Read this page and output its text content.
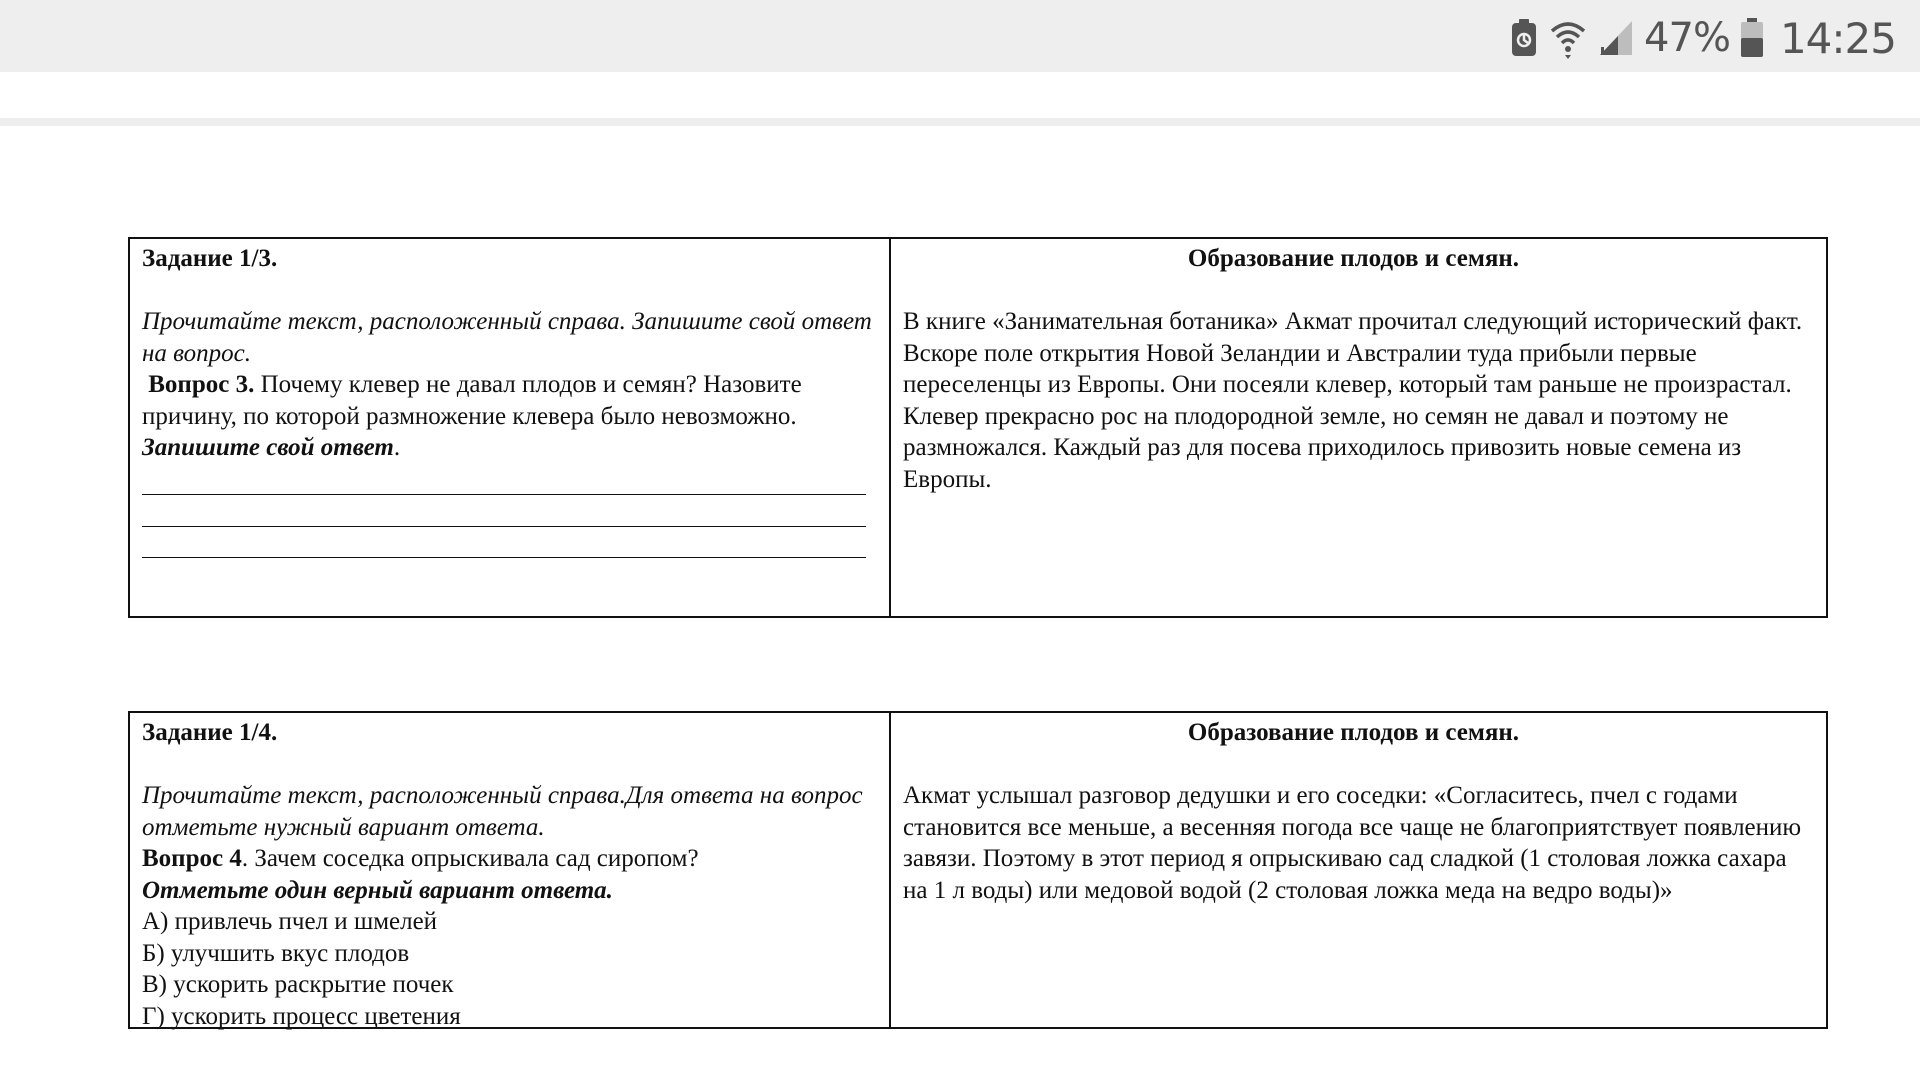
47% 14:25
Задание 1/3.
Прочитайте текст, расположенный справа. Запишите свой ответ на вопрос.
Вопрос 3. Почему клевер не давал плодов и семян? Назовите причину, по которой размножение клевера было невозможно.
Запишите свой ответ.
Образование плодов и семян.
В книге «Занимательная ботаника» Акмат прочитал следующий исторический факт.
Вскоре поле открытия Новой Зеландии и Австралии туда прибыли первые переселенцы из Европы. Они посеяли клевер, который там раньше не произрастал. Клевер прекрасно рос на плодородной земле, но семян не давал и поэтому не размножался. Каждый раз для посева приходилось привозить новые семена из Европы.
Задание 1/4.
Прочитайте текст, расположенный справа.Для ответа на вопрос отметьте нужный вариант ответа.
Вопрос 4. Зачем соседка опрыскивала сад сиропом?
Отметьте один верный вариант ответа.
А) привлечь пчел и шмелей
Б) улучшить вкус плодов
В) ускорить раскрытие почек
Г) ускорить процесс цветения
Образование плодов и семян.
Акмат услышал разговор дедушки и его соседки: «Согласитесь, пчел с годами становится все меньше, а весенняя погода все чаще не благоприятствует появлению завязи. Поэтому в этот период я опрыскиваю сад сладкой (1 столовая ложка сахара на 1 л воды) или медовой водой (2 столовая ложка меда на ведро воды)»
